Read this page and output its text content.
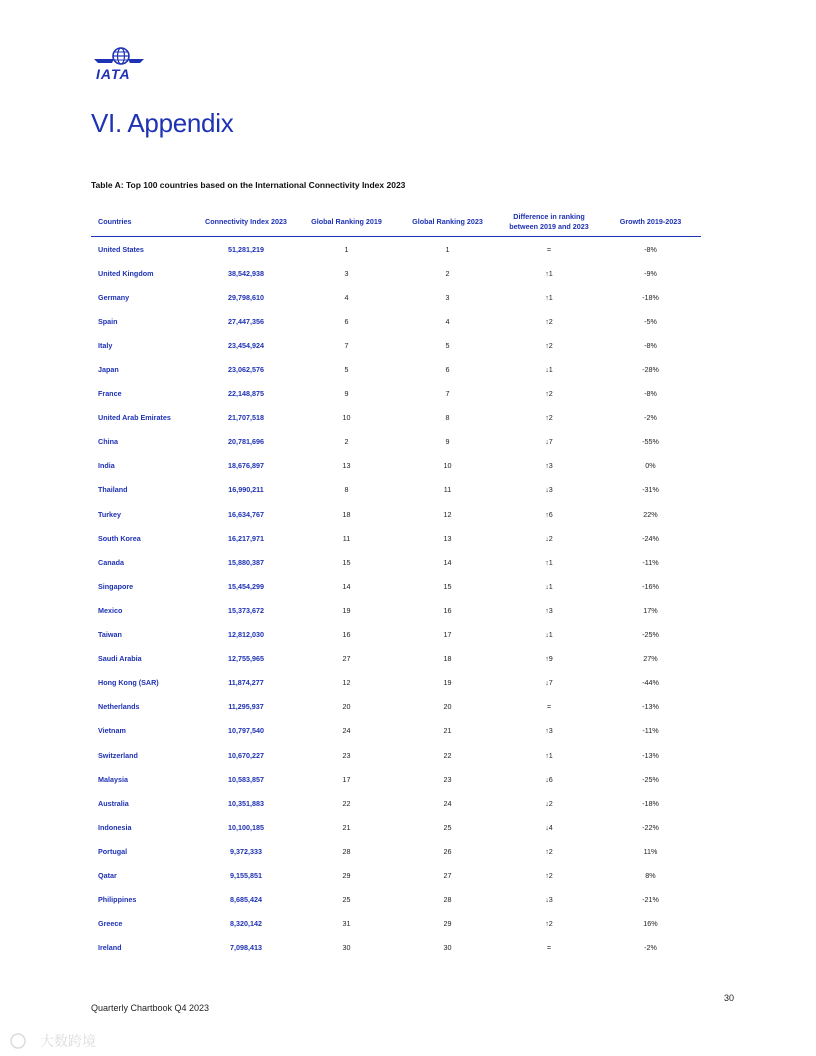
IATA
VI. Appendix
Table A: Top 100 countries based on the International Connectivity Index 2023
Countries	Connectivity Index 2023	Global Ranking 2019	Global Ranking 2023	Difference in ranking between 2019 and 2023	Growth 2019-2023
United States	51,281,219	1	1	=	-8%
United Kingdom	38,542,938	3	2	↑1	-9%
Germany	29,798,610	4	3	↑1	-18%
Spain	27,447,356	6	4	↑2	-5%
Italy	23,454,924	7	5	↑2	-8%
Japan	23,062,576	5	6	↓1	-28%
France	22,148,875	9	7	↑2	-8%
United Arab Emirates	21,707,518	10	8	↑2	-2%
China	20,781,696	2	9	↓7	-55%
India	18,676,897	13	10	↑3	0%
Thailand	16,990,211	8	11	↓3	-31%
Turkey	16,634,767	18	12	↑6	22%
South Korea	16,217,971	11	13	↓2	-24%
Canada	15,880,387	15	14	↑1	-11%
Singapore	15,454,299	14	15	↓1	-16%
Mexico	15,373,672	19	16	↑3	17%
Taiwan	12,812,030	16	17	↓1	-25%
Saudi Arabia	12,755,965	27	18	↑9	27%
Hong Kong (SAR)	11,874,277	12	19	↓7	-44%
Netherlands	11,295,937	20	20	=	-13%
Vietnam	10,797,540	24	21	↑3	-11%
Switzerland	10,670,227	23	22	↑1	-13%
Malaysia	10,583,857	17	23	↓6	-25%
Australia	10,351,883	22	24	↓2	-18%
Indonesia	10,100,185	21	25	↓4	-22%
Portugal	9,372,333	28	26	↑2	11%
Qatar	9,155,851	29	27	↑2	8%
Philippines	8,685,424	25	28	↓3	-21%
Greece	8,320,142	31	29	↑2	16%
Ireland	7,098,413	30	30	=	-2%
Quarterly Chartbook Q4 2023
30
大数跨境
